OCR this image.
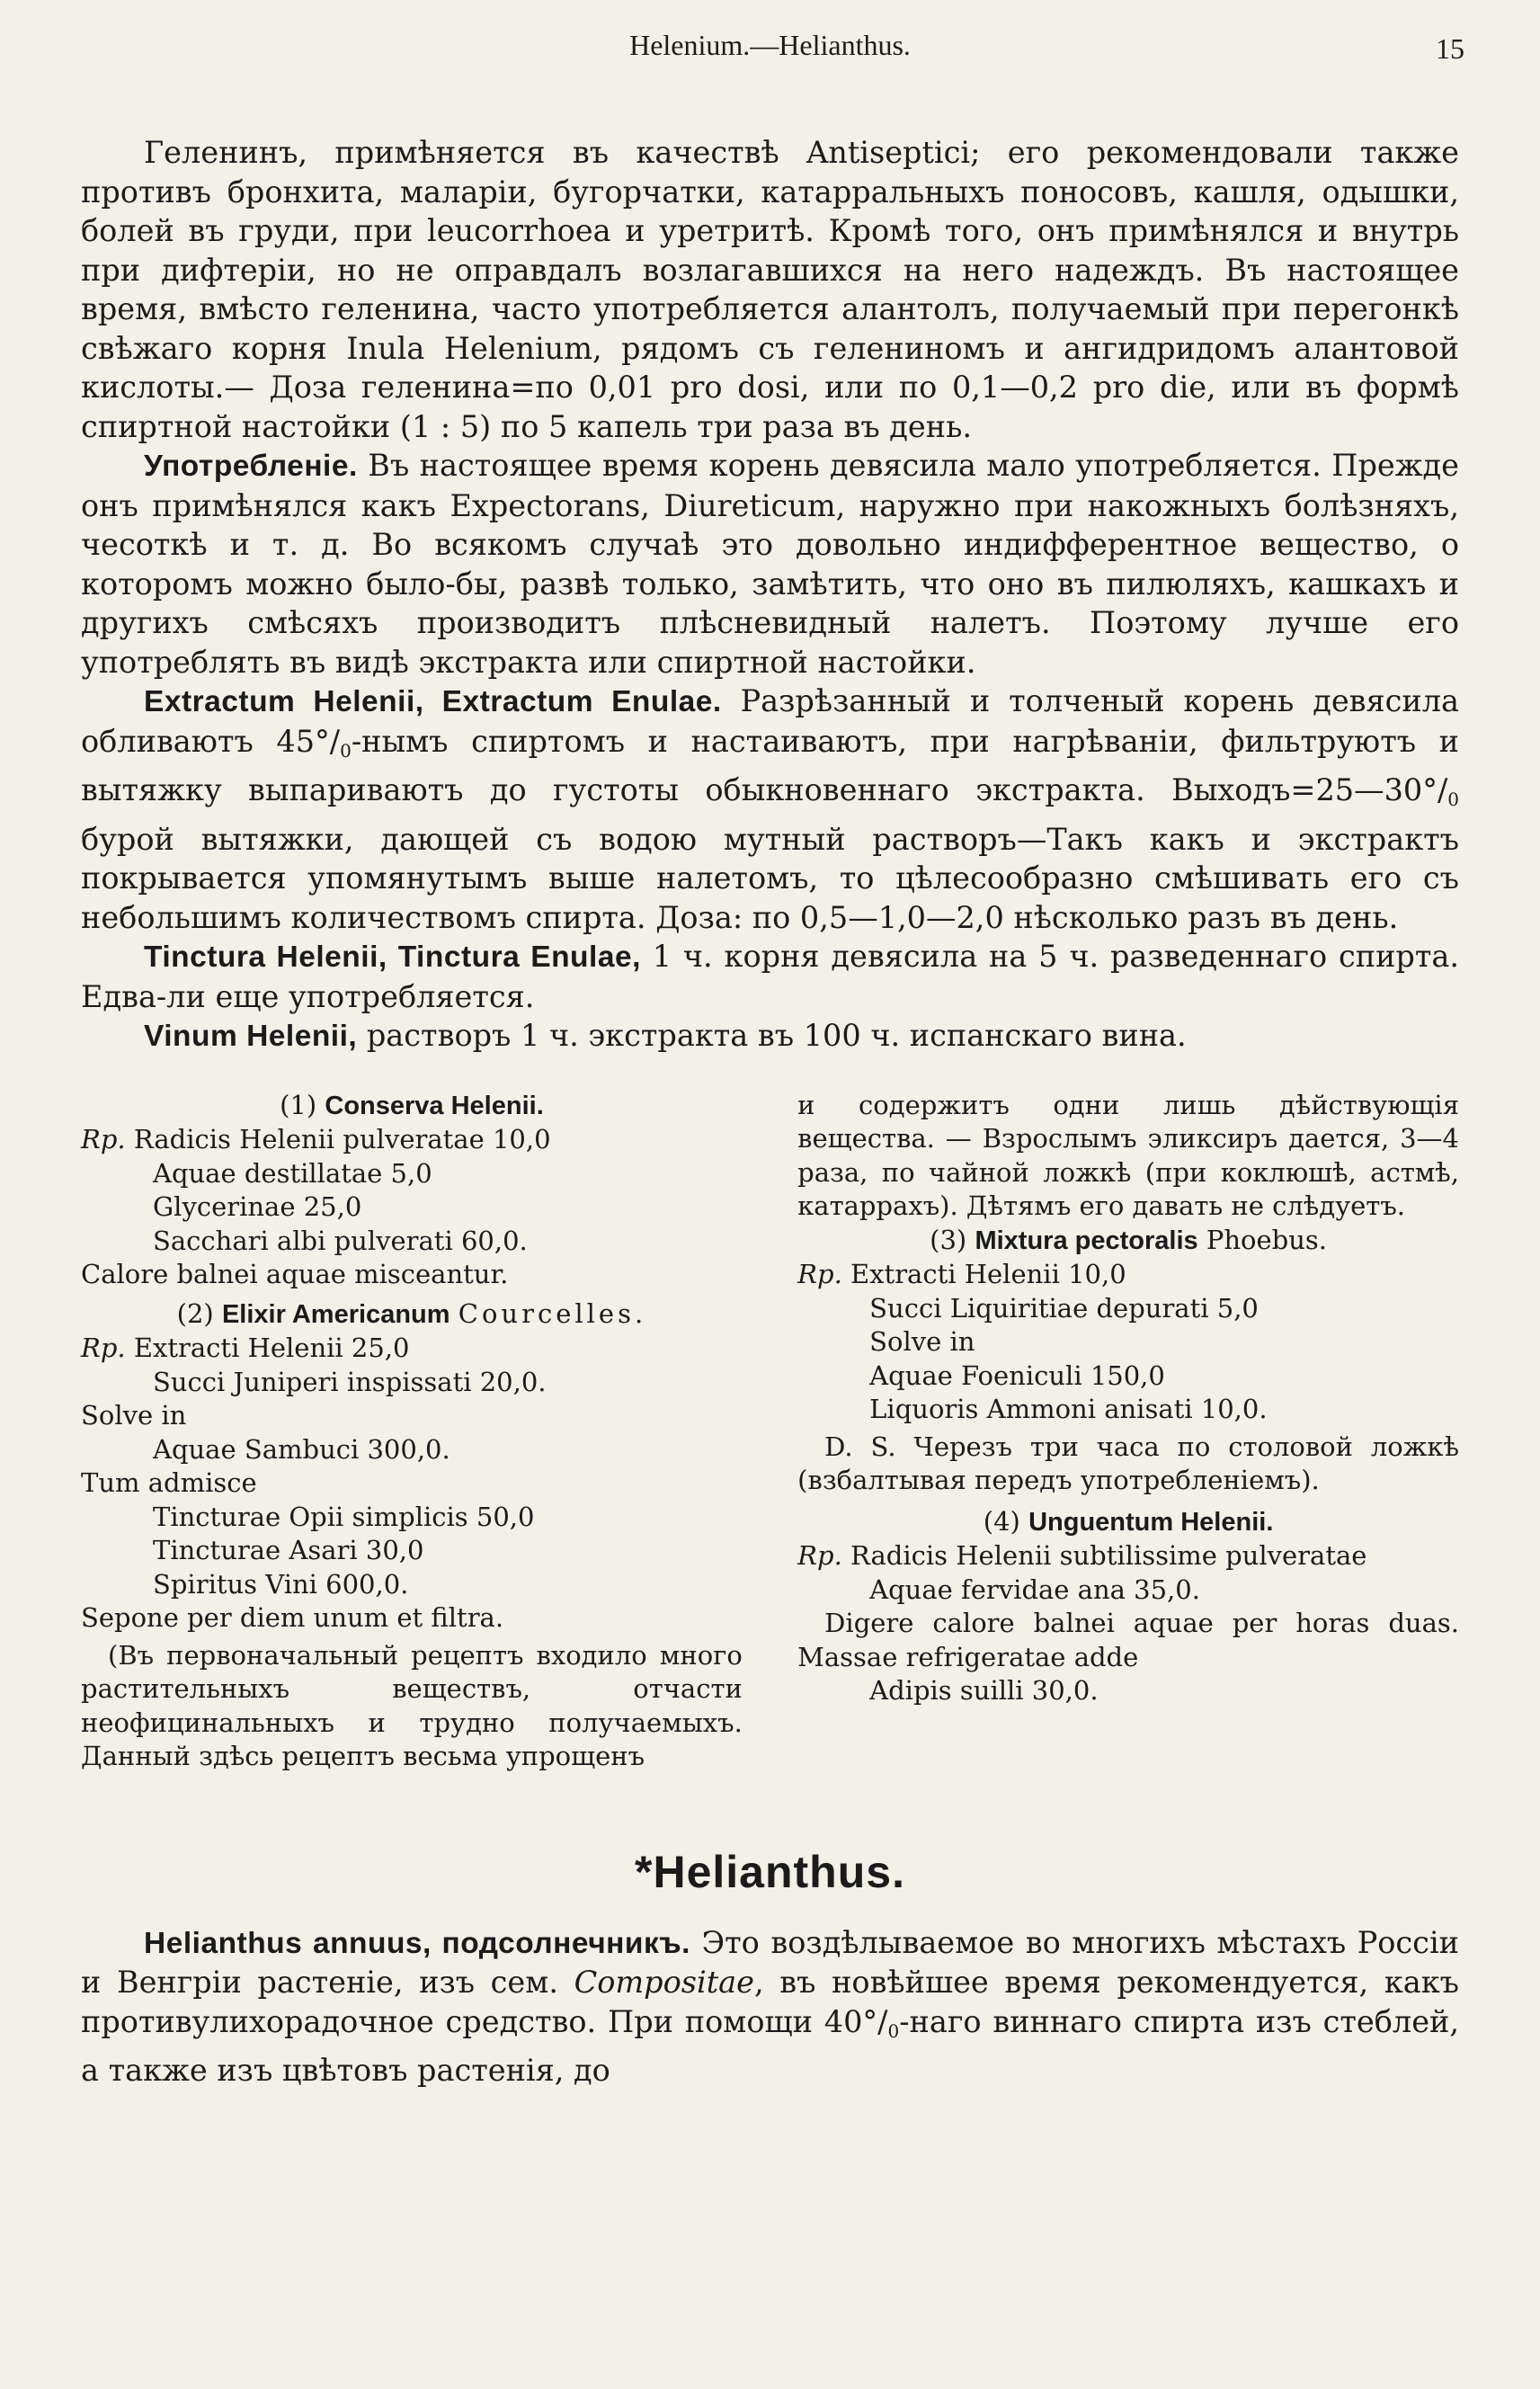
Helenium.—Helianthus.	15

Геленинъ, примѣняется въ качествѣ Antiseptici; его рекомендовали также противъ бронхита, маларіи, бугорчатки, катарральныхъ поносовъ, кашля, одышки, болей въ груди, при leucorrhoea и уретритѣ. Кромѣ того, онъ примѣнялся и внутрь при дифтеріи, но не оправдалъ возлагавшихся на него надеждъ. Въ настоящее время, вмѣсто геленина, часто употребляется алантолъ, получаемый при перегонкѣ свѣжаго корня Inula Helenium, рядомъ съ гелениномъ и ангидридомъ алантовой кислоты.— Доза геленина=по 0,01 pro dosi, или по 0,1—0,2 pro die, или въ формѣ спиртной настойки (1 : 5) по 5 капель три раза въ день.

Употребленіе. Въ настоящее время корень девясила мало употребляется. Прежде онъ примѣнялся какъ Expectorans, Diureticum, наружно при накожныхъ болѣзняхъ, чесоткѣ и т. д. Во всякомъ случаѣ это довольно индифферентное вещество, о которомъ можно было-бы, развѣ только, замѣтить, что оно въ пилюляхъ, кашкахъ и другихъ смѣсяхъ производитъ плѣсневидный налетъ. Поэтому лучше его употреблять въ видѣ экстракта или спиртной настойки.

Extractum Helenii, Extractum Enulae. Разрѣзанный и толченый корень девясила обливаютъ $45^\circ/_0$-нымъ спиртомъ и настаиваютъ, при нагрѣваніи, фильтруютъ и вытяжку выпариваютъ до густоты обыкновеннаго экстракта. $Выходъ=25—30^\circ/_0$ бурой вытяжки, дающей съ водою мутный растворъ—Такъ какъ и экстрактъ покрывается упомянутымъ выше налетомъ, то цѣлесообразно смѣшивать его съ небольшимъ количествомъ спирта. Доза: по 0,5—1,0—2,0 нѣсколько разъ въ день.

Tinctura Helenii, Tinctura Enulae, 1 ч. корня девясила на 5 ч. разведеннаго спирта. Едва-ли еще употребляется.

Vinum Helenii, растворъ 1 ч. экстракта въ 100 ч. испанскаго вина.

(1) Conserva Helenii.
Rp. Radicis Helenii pulveratae 10,0
Aquae destillatae 5,0
Glycerinae 25,0
Sacchari albi pulverati 60,0.
Calore balnei aquae misceantur.
(2) Elixir Americanum Courcelles.
Rp. Extracti Helenii 25,0
Succi Juniperi inspissati 20,0.
Solve in
Aquae Sambuci 300,0.
Tum admisce
Tincturae Opii simplicis 50,0
Tincturae Asari 30,0
Spiritus Vini 600,0.
Sepone per diem unum et filtra.
(Въ первоначальный рецептъ входило много растительныхъ веществъ, отчасти неофицинальныхъ и трудно получаемыхъ. Данный здѣсь рецептъ весьма упрощенъ
и содержитъ одни лишь дѣйствующія вещества. — Взрослымъ эликсиръ дается, 3—4 раза, по чайной ложкѣ (при коклюшѣ, астмѣ, катаррахъ). Дѣтямъ его давать не слѣдуетъ.
(3) Mixtura pectoralis Phoebus.
Rp. Extracti Helenii 10,0
Succi Liquiritiae depurati 5,0
Solve in
Aquae Foeniculi 150,0
Liquoris Ammoni anisati 10,0.
D. S. Черезъ три часа по столовой ложкѣ (взбалтывая передъ употребленіемъ).
(4) Unguentum Helenii.
Rp. Radicis Helenii subtilissime pulveratae
Aquae fervidae ana 35,0.
Digere calore balnei aquae per horas duas. Massae refrigeratae adde
Adipis suilli 30,0.
*Helianthus.

Helianthus annuus, подсолнечникъ. Это воздѣлываемое во многихъ мѣстахъ Россіи и Венгріи растеніе, изъ сем. Compositae, въ новѣйшее время рекомендуется, какъ противулихорадочное средство. При помощи $40^\circ/_0$-наго виннаго спирта изъ стеблей, а также изъ цвѣтовъ растенія, до
